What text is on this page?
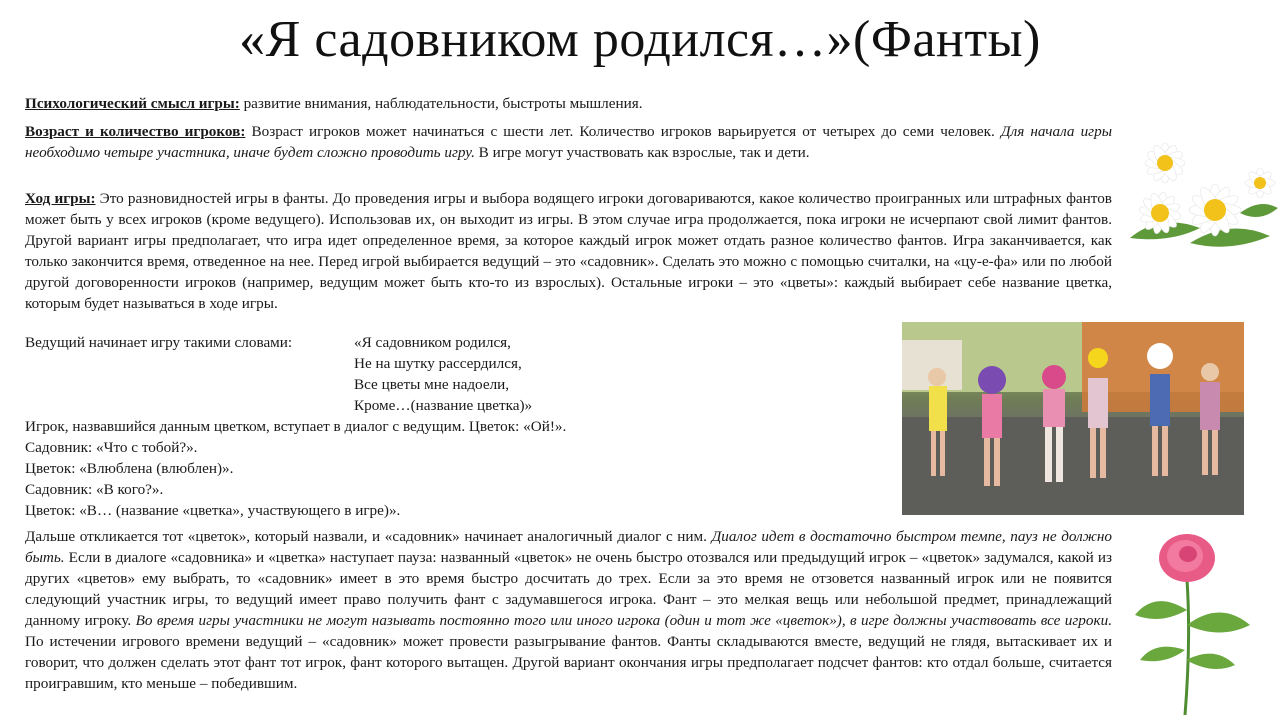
«Я садовником родился…»(Фанты)

Психологический смысл игры: развитие внимания, наблюдательности, быстроты мышления.

Возраст и количество игроков: Возраст игроков может начинаться с шести лет. Количество игроков варьируется от четырех до семи человек. Для начала игры необходимо четыре участника, иначе будет сложно проводить игру. В игре могут участвовать как взрослые, так и дети.

Ход игры: Это разновидностей игры в фанты. До проведения игры и выбора водящего игроки договариваются, какое количество проигранных или штрафных фантов может быть у всех игроков (кроме ведущего). Использовав их, он выходит из игры. В этом случае игра продолжается, пока игроки не исчерпают свой лимит фантов. Другой вариант игры предполагает, что игра идет определенное время, за которое каждый игрок может отдать разное количество фантов. Игра заканчивается, как только закончится время, отведенное на нее. Перед игрой выбирается ведущий – это «садовник». Сделать это можно с помощью считалки, на «цу-е-фа» или по любой другой договоренности игроков (например, ведущим может быть кто-то из взрослых). Остальные игроки – это «цветы»: каждый выбирает себе название цветка, которым будет называться в ходе игры.

Ведущий начинает игру такими словами:	«Я садовником родился,
Не на шутку рассердился,
Все цветы мне надоели,
Кроме…(название цветка)»
Игрок, назвавшийся данным цветком, вступает в диалог с ведущим. Цветок: «Ой!».
Садовник: «Что с тобой?».
Цветок: «Влюблена (влюблен)».
Садовник: «В кого?».
Цветок: «В… (название «цветка», участвующего в игре)».

Дальше откликается тот «цветок», который назвали, и «садовник» начинает аналогичный диалог с ним. Диалог идет в достаточно быстром темпе, пауз не должно быть. Если в диалоге «садовника» и «цветка» наступает пауза: названный «цветок» не очень быстро отозвался или предыдущий игрок – «цветок» задумался, какой из других «цветов» ему выбрать, то «садовник» имеет в это время быстро досчитать до трех. Если за это время не отзовется названный игрок или не появится следующий участник игры, то ведущий имеет право получить фант с задумавшегося игрока. Фант – это мелкая вещь или небольшой предмет, принадлежащий данному игроку. Во время игры участники не могут называть постоянно того или иного игрока (один и тот же «цветок»), в игре должны участвовать все игроки. По истечении игрового времени ведущий – «садовник» может провести разыгрывание фантов. Фанты складываются вместе, ведущий не глядя, вытаскивает их и говорит, что должен сделать этот фант тот игрок, фант которого вытащен. Другой вариант окончания игры предполагает подсчет фантов: кто отдал больше, считается проигравшим, кто меньше – победившим.
